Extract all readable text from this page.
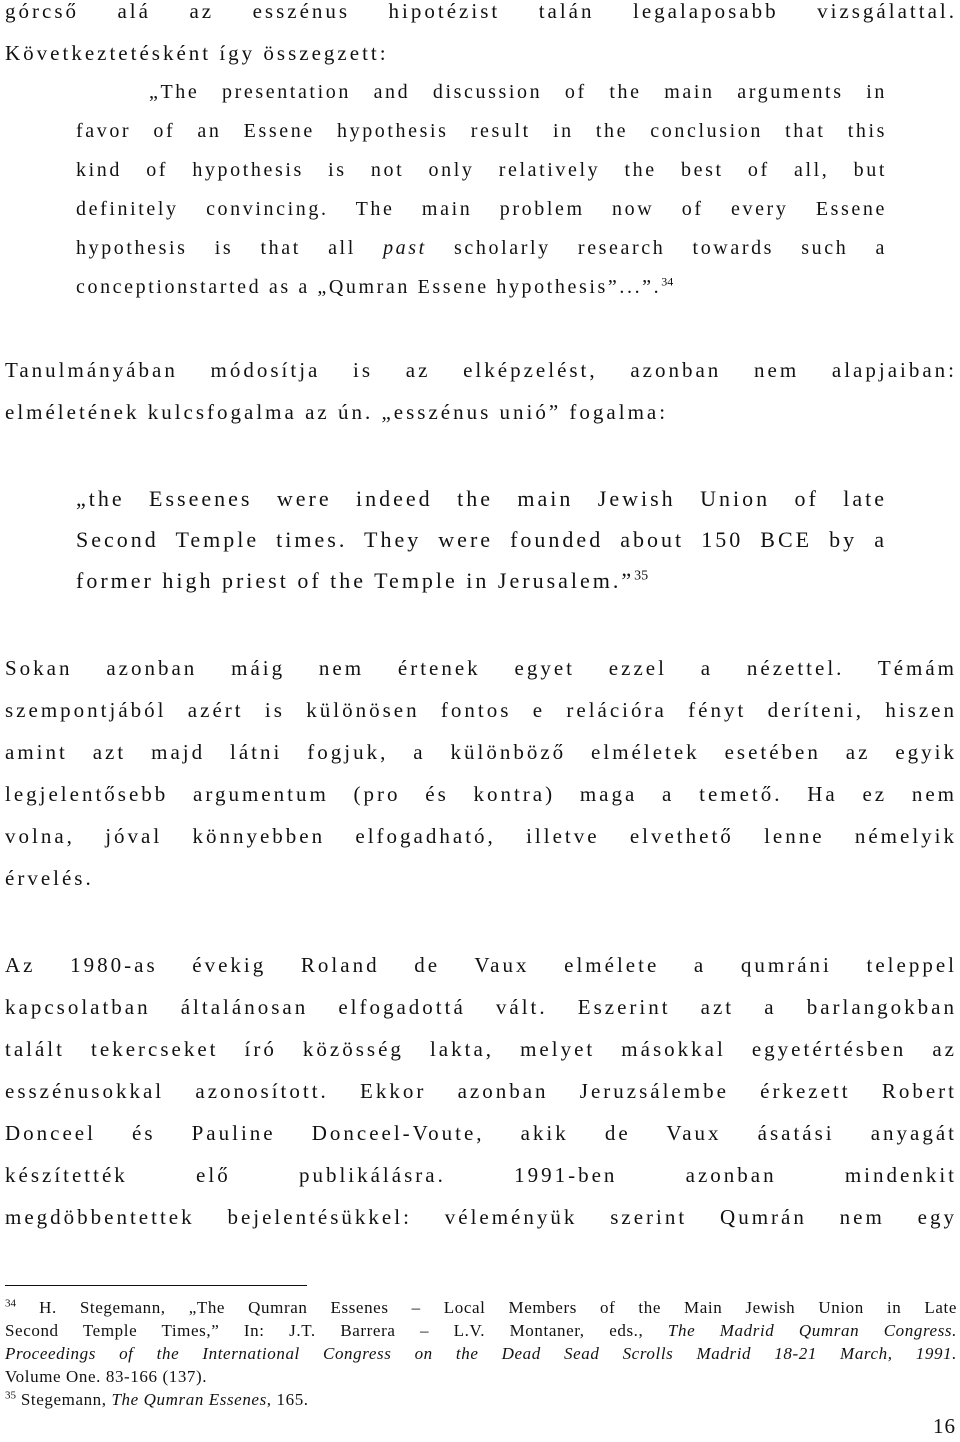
górcső alá az esszénus hipotézist talán legalaposabb vizsgálattal.
Következtetésként így összegzett:
„The presentation and discussion of the main arguments in
favor of an Essene hypothesis result in the conclusion that this
kind of hypothesis is not only relatively the best of all, but
definitely convincing. The main problem now of every Essene
hypothesis is that all past scholarly research towards such a
conceptionstarted as a „Qumran Essene hypothesis”...”.$^{34}$
Tanulmányában módosítja is az elképzelést, azonban nem alapjaiban:
elméletének kulcsfogalma az ún. „esszénus unió” fogalma:
„the Esseenes were indeed the main Jewish Union of late
Second Temple times. They were founded about 150 BCE by a
former high priest of the Temple in Jerusalem.”$^{35}$
Sokan azonban máig nem értenek egyet ezzel a nézettel. Témám
szempontjából azért is különösen fontos e relációra fényt deríteni, hiszen
amint azt majd látni fogjuk, a különböző elméletek esetében az egyik
legjelentősebb argumentum (pro és kontra) maga a temető. Ha ez nem
volna, jóval könnyebben elfogadható, illetve elvethető lenne némelyik
érvelés.
Az 1980-as évekig Roland de Vaux elmélete a qumráni teleppel
kapcsolatban általánosan elfogadottá vált. Eszerint azt a barlangokban
talált tekercseket író közösség lakta, melyet másokkal egyetértésben az
esszénusokkal azonosított. Ekkor azonban Jeruzsálembe érkezett Robert
Donceel és Pauline Donceel-Voute, akik de Vaux ásatási anyagát
készítették elő publikálásra. 1991-ben azonban mindenkit
megdöbbentettek bejelentésükkel: véleményük szerint Qumrán nem egy
$^{34}$ H. Stegemann, „The Qumran Essenes – Local Members of the Main Jewish Union in Late
Second Temple Times,” In: J.T. Barrera – L.V. Montaner, eds., The Madrid Qumran Congress.
Proceedings of the International Congress on the Dead Sead Scrolls Madrid 18-21 March, 1991.
Volume One. 83-166 (137).
$^{35}$ Stegemann, The Qumran Essenes, 165.
16
